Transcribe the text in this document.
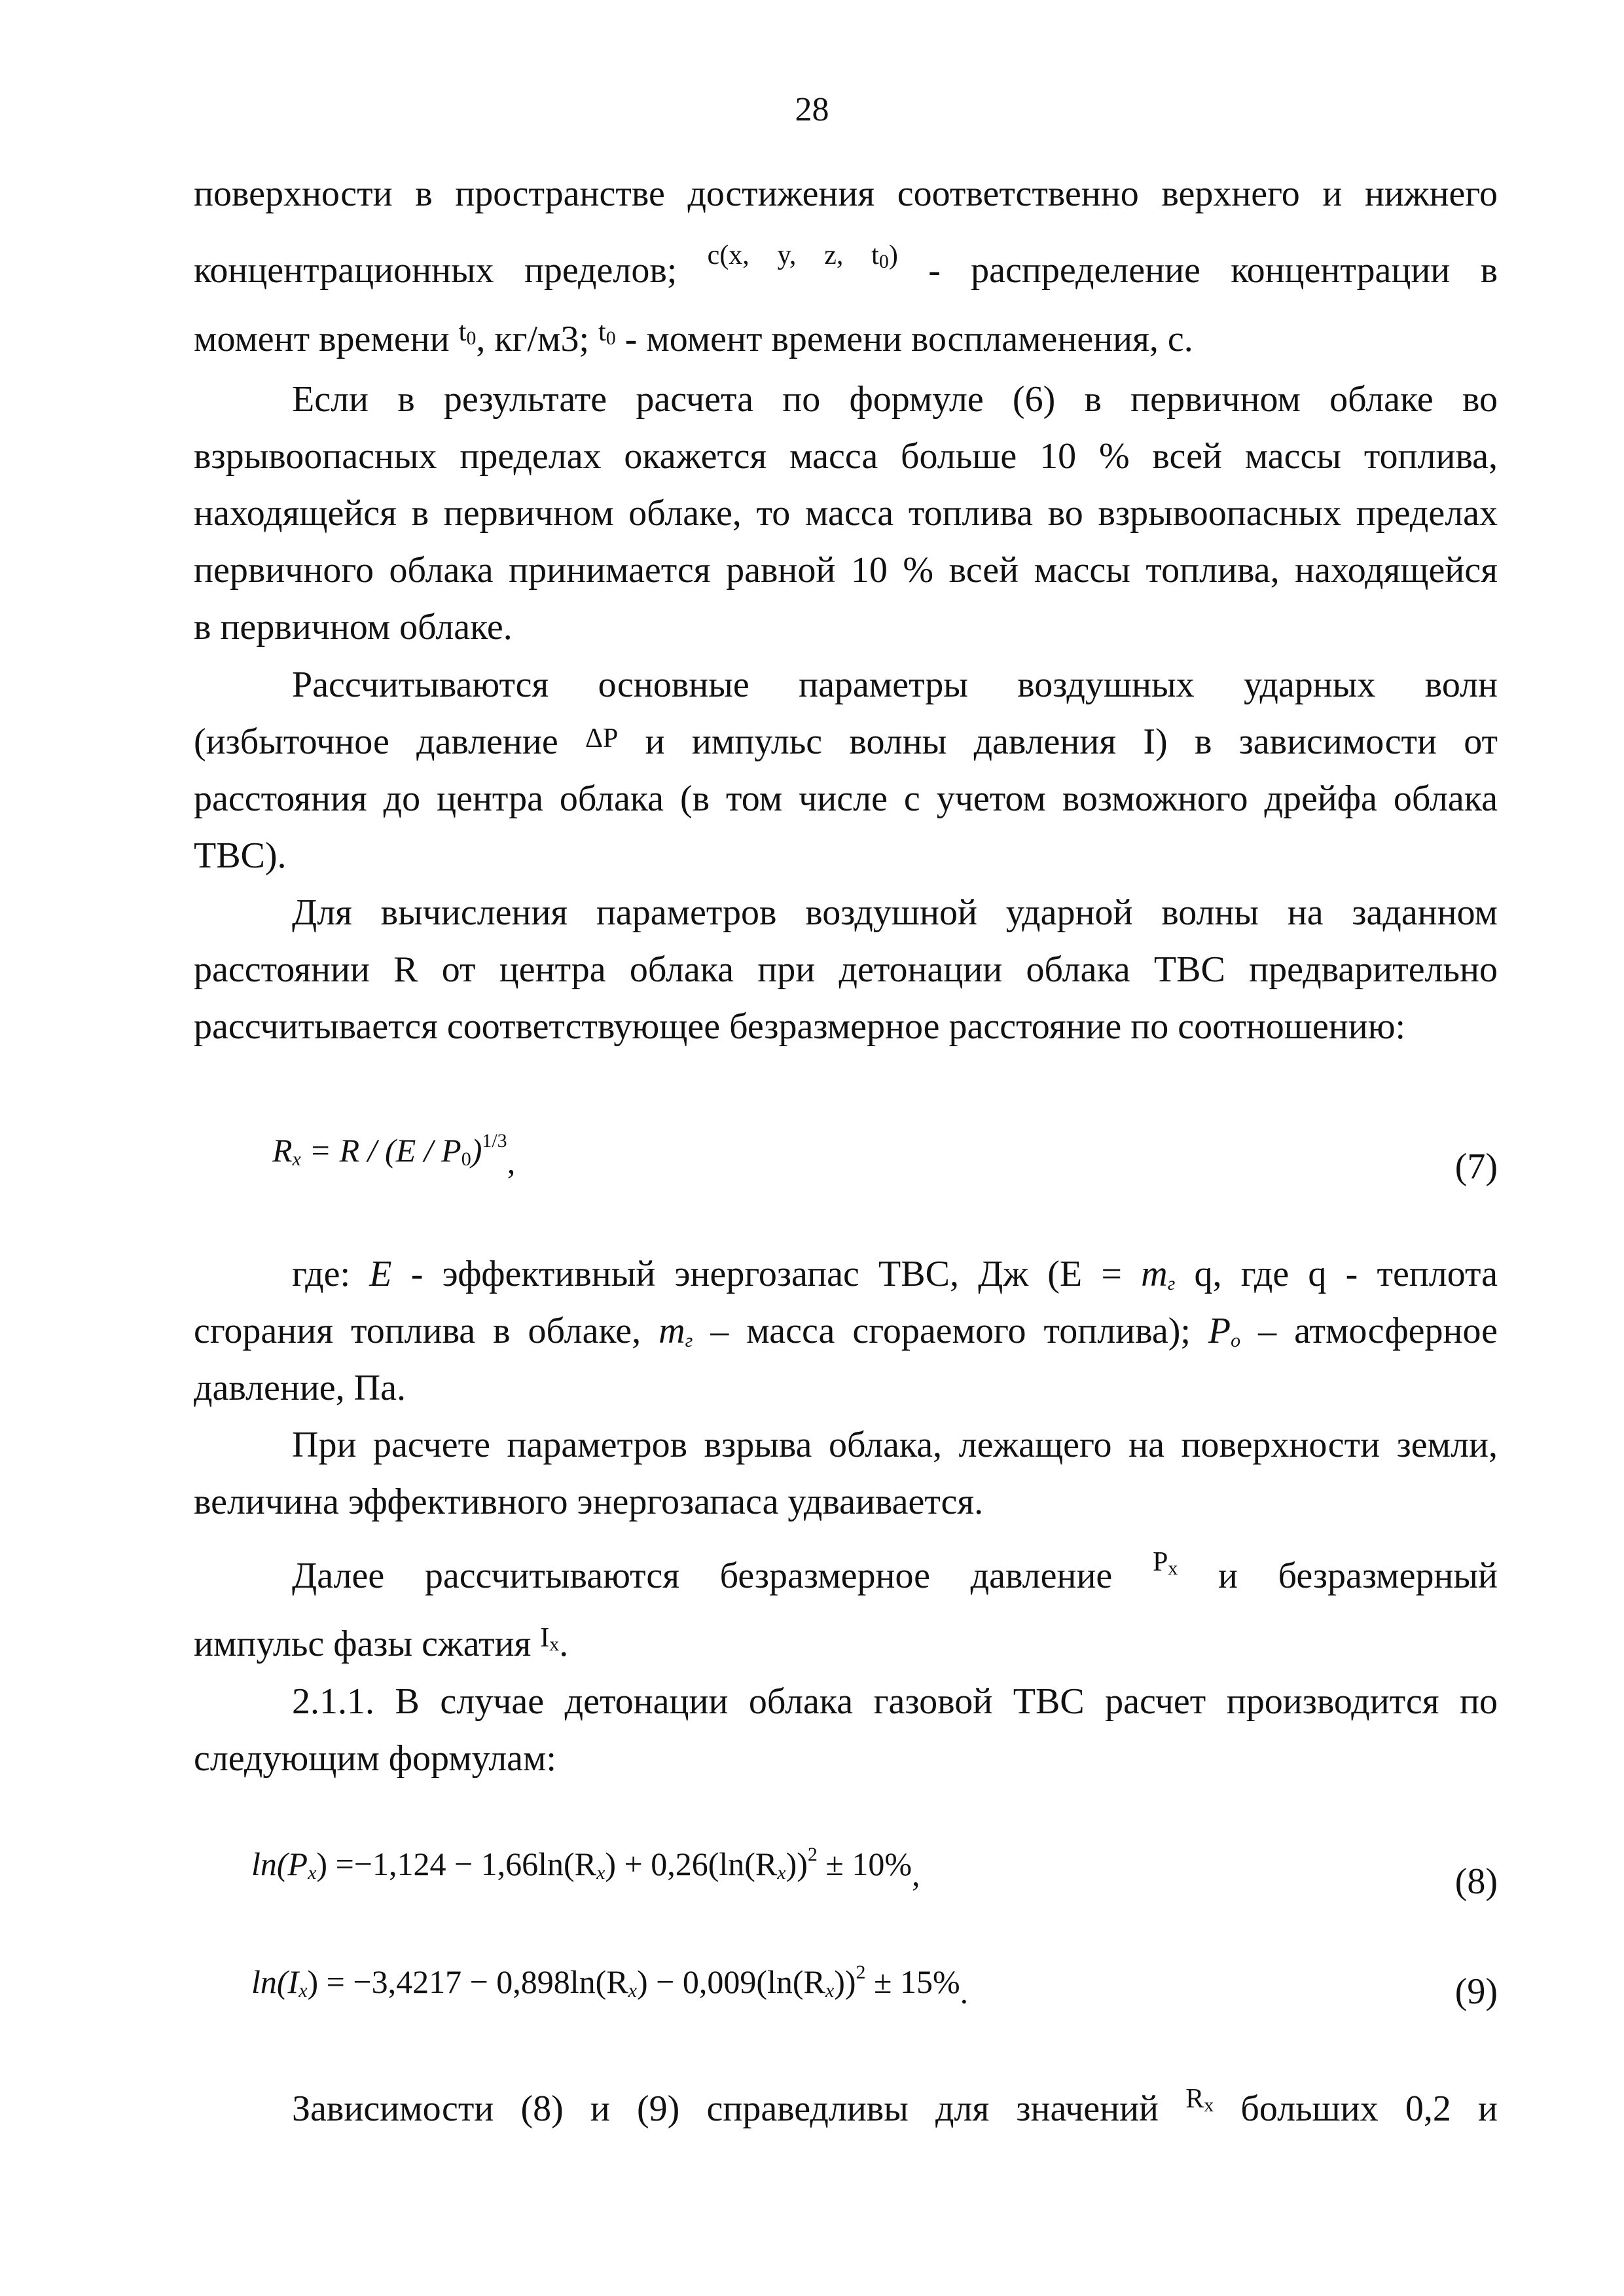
28
поверхности в пространстве достижения соответственно верхнего и нижнего
концентрационных пределов; $^{c(x, y, z, t_0)}$ - распределение концентрации в
момент времени $^{t_0}$, кг/м3; $^{t_0}$ - момент времени воспламенения, с.
Если в результате расчета по формуле (6) в первичном облаке во
взрывоопасных пределах окажется масса больше 10 % всей массы топлива,
находящейся в первичном облаке, то масса топлива во взрывоопасных пределах
первичного облака принимается равной 10 % всей массы топлива, находящейся
в первичном облаке.
Рассчитываются основные параметры воздушных ударных волн
(избыточное давление ΔP и импульс волны давления I) в зависимости от
расстояния до центра облака (в том числе с учетом возможного дрейфа облака
ТВС).
Для вычисления параметров воздушной ударной волны на заданном
расстоянии R от центра облака при детонации облака ТВС предварительно
рассчитывается соответствующее безразмерное расстояние по соотношению:
$R_x = R / (E / P_0)^{1/3}$,	(7)
где: E - эффективный энергозапас ТВС, Дж ($Е = m_г$ q, где q - теплота
сгорания топлива в облаке, $m_г$ – масса сгораемого топлива); $P_o$ – атмосферное
давление, Па.
При расчете параметров взрыва облака, лежащего на поверхности земли,
величина эффективного энергозапаса удваивается.
Далее рассчитываются безразмерное давление $^{P_x}$ и безразмерный
импульс фазы сжатия $^{I_x}$.
2.1.1. В случае детонации облака газовой ТВС расчет производится по
следующим формулам:
$\ln(P_x) =-1,124 - 1,66\ln(R_x) + 0,26(\ln(R_x))^2 \pm 10\%$,	(8)
$\ln(I_x) = -3,4217 - 0,898\ln(R_x) - 0,009(\ln(R_x))^2 \pm 15\%$.	(9)
Зависимости (8) и (9) справедливы для значений $^{R_x}$ больших 0,2 и
